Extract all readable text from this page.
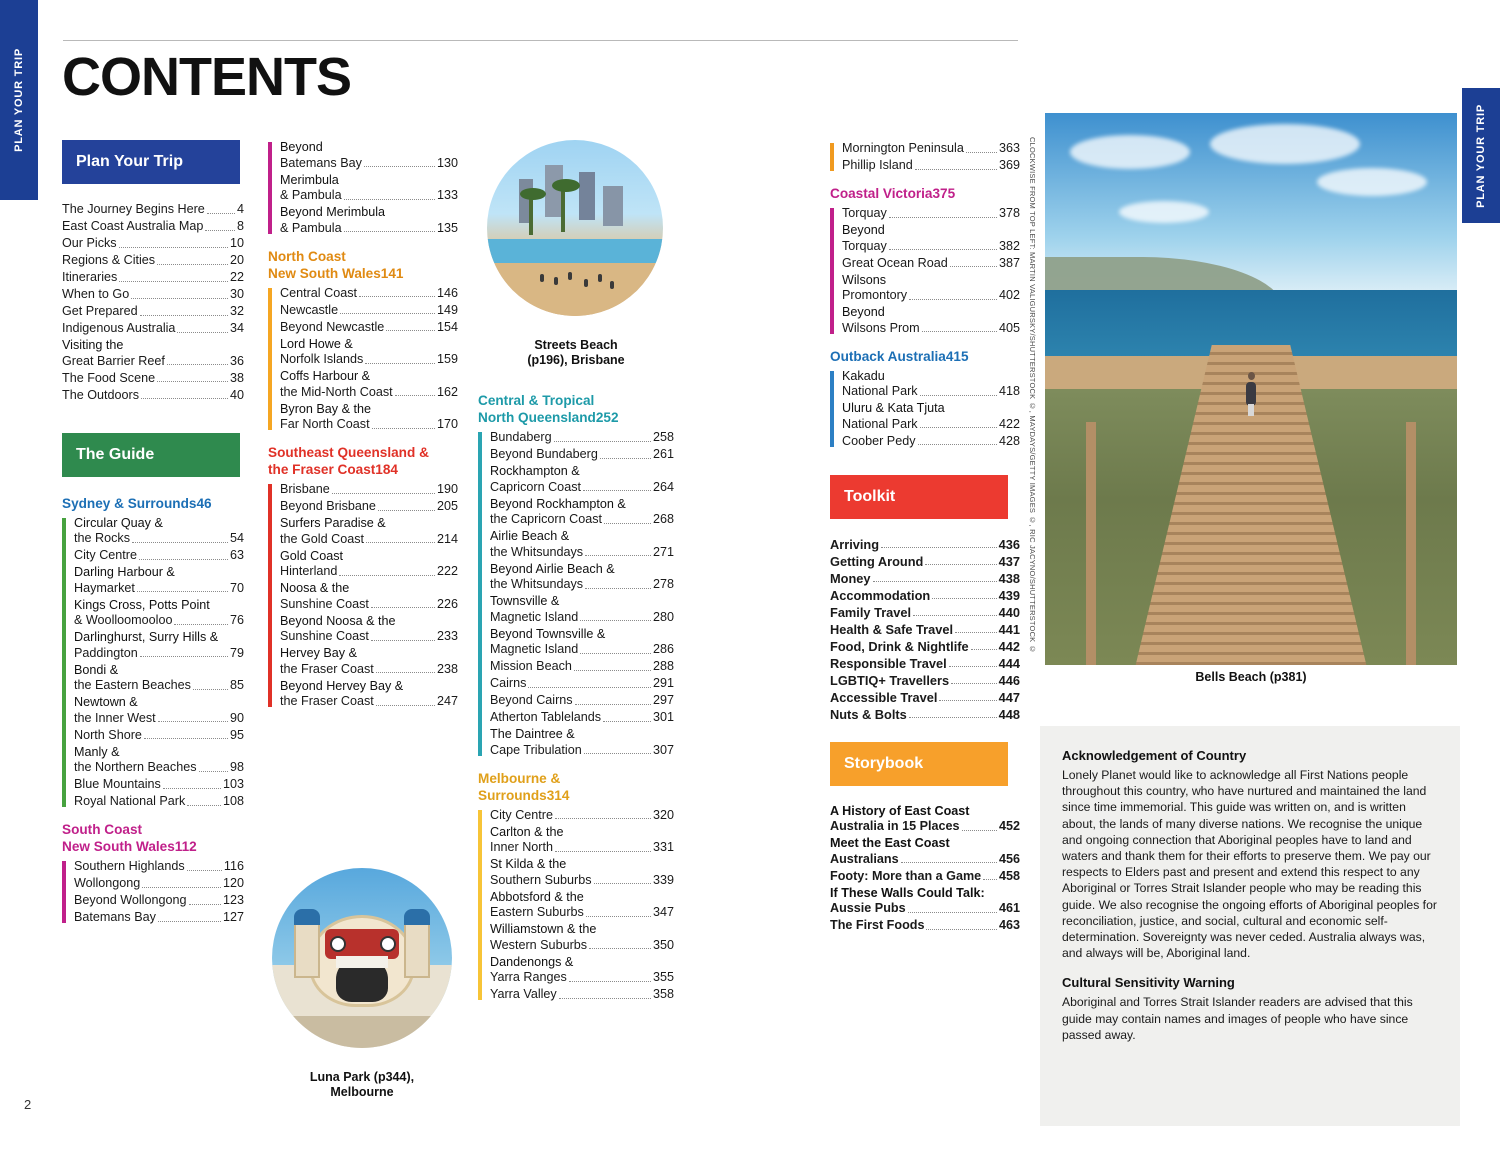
PLAN YOUR TRIP
PLAN YOUR TRIP
2
CONTENTS
Plan Your Trip
The Journey Begins Here	4
East Coast Australia Map	8
Our Picks	10
Regions & Cities	20
Itineraries	22
When to Go	30
Get Prepared	32
Indigenous Australia	34
Visiting the
Great Barrier Reef	36
The Food Scene	38
The Outdoors	40
The Guide
Sydney & Surrounds 46
Circular Quay &
the Rocks	54
City Centre	63
Darling Harbour &
Haymarket	70
Kings Cross, Potts Point
& Woolloomooloo	76
Darlinghurst, Surry Hills &
Paddington	79
Bondi &
the Eastern Beaches	85
Newtown &
the Inner West	90
North Shore	95
Manly &
the Northern Beaches	98
Blue Mountains	103
Royal National Park	108
South Coast
New South Wales 112
Southern Highlands	116
Wollongong	120
Beyond Wollongong	123
Batemans Bay	127
Beyond
Batemans Bay	130
Merimbula
& Pambula	133
Beyond Merimbula
& Pambula	135
North Coast
New South Wales 141
Central Coast	146
Newcastle	149
Beyond Newcastle	154
Lord Howe &
Norfolk Islands	159
Coffs Harbour &
the Mid-North Coast	162
Byron Bay & the
Far North Coast	170
Southeast Queensland &
the Fraser Coast 184
Brisbane	190
Beyond Brisbane	205
Surfers Paradise &
the Gold Coast	214
Gold Coast
Hinterland	222
Noosa & the
Sunshine Coast	226
Beyond Noosa & the
Sunshine Coast	233
Hervey Bay &
the Fraser Coast	238
Beyond Hervey Bay &
the Fraser Coast	247
Luna Park (p344),
Melbourne
Streets Beach
(p196), Brisbane
Central & Tropical
North Queensland 252
Bundaberg	258
Beyond Bundaberg	261
Rockhampton &
Capricorn Coast	264
Beyond Rockhampton &
the Capricorn Coast	268
Airlie Beach &
the Whitsundays	271
Beyond Airlie Beach &
the Whitsundays	278
Townsville &
Magnetic Island	280
Beyond Townsville &
Magnetic Island	286
Mission Beach	288
Cairns	291
Beyond Cairns	297
Atherton Tablelands	301
The Daintree &
Cape Tribulation	307
Melbourne &
Surrounds 314
City Centre	320
Carlton & the
Inner North	331
St Kilda & the
Southern Suburbs	339
Abbotsford & the
Eastern Suburbs	347
Williamstown & the
Western Suburbs	350
Dandenongs &
Yarra Ranges	355
Yarra Valley	358
Mornington Peninsula	363
Phillip Island	369
Coastal Victoria 375
Torquay	378
Beyond
Torquay	382
Great Ocean Road	387
Wilsons
Promontory	402
Beyond
Wilsons Prom	405
Outback Australia 415
Kakadu
National Park	418
Uluru & Kata Tjuta
National Park	422
Coober Pedy	428
Toolkit
Arriving	436
Getting Around	437
Money	438
Accommodation	439
Family Travel	440
Health & Safe Travel	441
Food, Drink & Nightlife 442
Responsible Travel	444
LGBTIQ+ Travellers	446
Accessible Travel	447
Nuts & Bolts	448
Storybook
A History of East Coast
Australia in 15 Places	452
Meet the East Coast
Australians	456
Footy: More than a Game 458
If These Walls Could Talk:
Aussie Pubs	461
The First Foods	463
CLOCKWISE FROM TOP LEFT: MARTIN VALIGURSKY/SHUTTERSTOCK ©, MAYDAYS/GETTY IMAGES ©, RIC JACYNO/SHUTTERSTOCK ©
Bells Beach (p381)
Acknowledgement of Country

Lonely Planet would like to acknowledge all First Nations people throughout this country, who have nurtured and maintained the land since time immemorial. This guide was written on, and is written about, the lands of many diverse nations. We recognise the unique and ongoing connection that Aboriginal peoples have to land and waters and thank them for their efforts to preserve them. We pay our respects to Elders past and present and extend this respect to any Aboriginal or Torres Strait Islander people who may be reading this guide. We also recognise the ongoing efforts of Aboriginal peoples for reconciliation, justice, and social, cultural and economic self-determination. Sovereignty was never ceded. Australia always was, and always will be, Aboriginal land.

Cultural Sensitivity Warning

Aboriginal and Torres Strait Islander readers are advised that this guide may contain names and images of people who have since passed away.
